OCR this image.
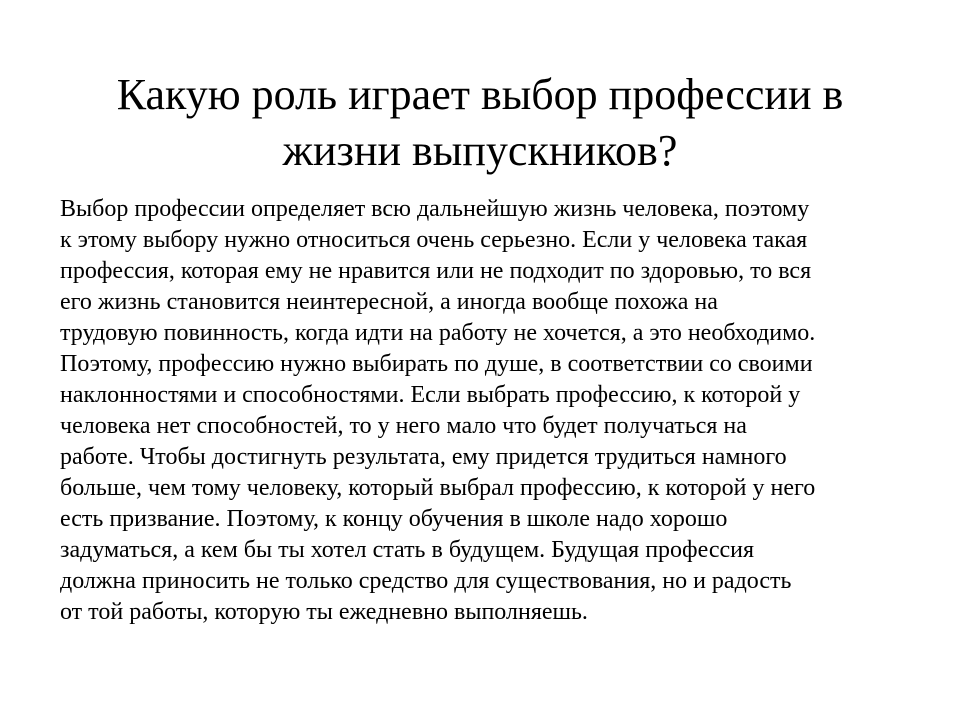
Какую роль играет выбор профессии в
жизни выпускников?
Выбор профессии определяет всю дальнейшую жизнь человека, поэтому
к этому выбору нужно относиться очень серьезно. Если у человека такая
профессия, которая ему не нравится или не подходит по здоровью, то вся
его жизнь становится неинтересной, а иногда вообще похожа на
трудовую повинность, когда идти на работу не хочется, а это необходимо.
Поэтому, профессию нужно выбирать по душе, в соответствии со своими
наклонностями и способностями. Если выбрать профессию, к которой у
человека нет способностей, то у него мало что будет получаться на
работе. Чтобы достигнуть результата, ему придется трудиться намного
больше, чем тому человеку, который выбрал профессию, к которой у него
есть призвание. Поэтому, к концу обучения в школе надо хорошо
задуматься, а кем бы ты хотел стать в будущем. Будущая профессия
должна приносить не только средство для существования, но и радость
от той работы, которую ты ежедневно выполняешь.
